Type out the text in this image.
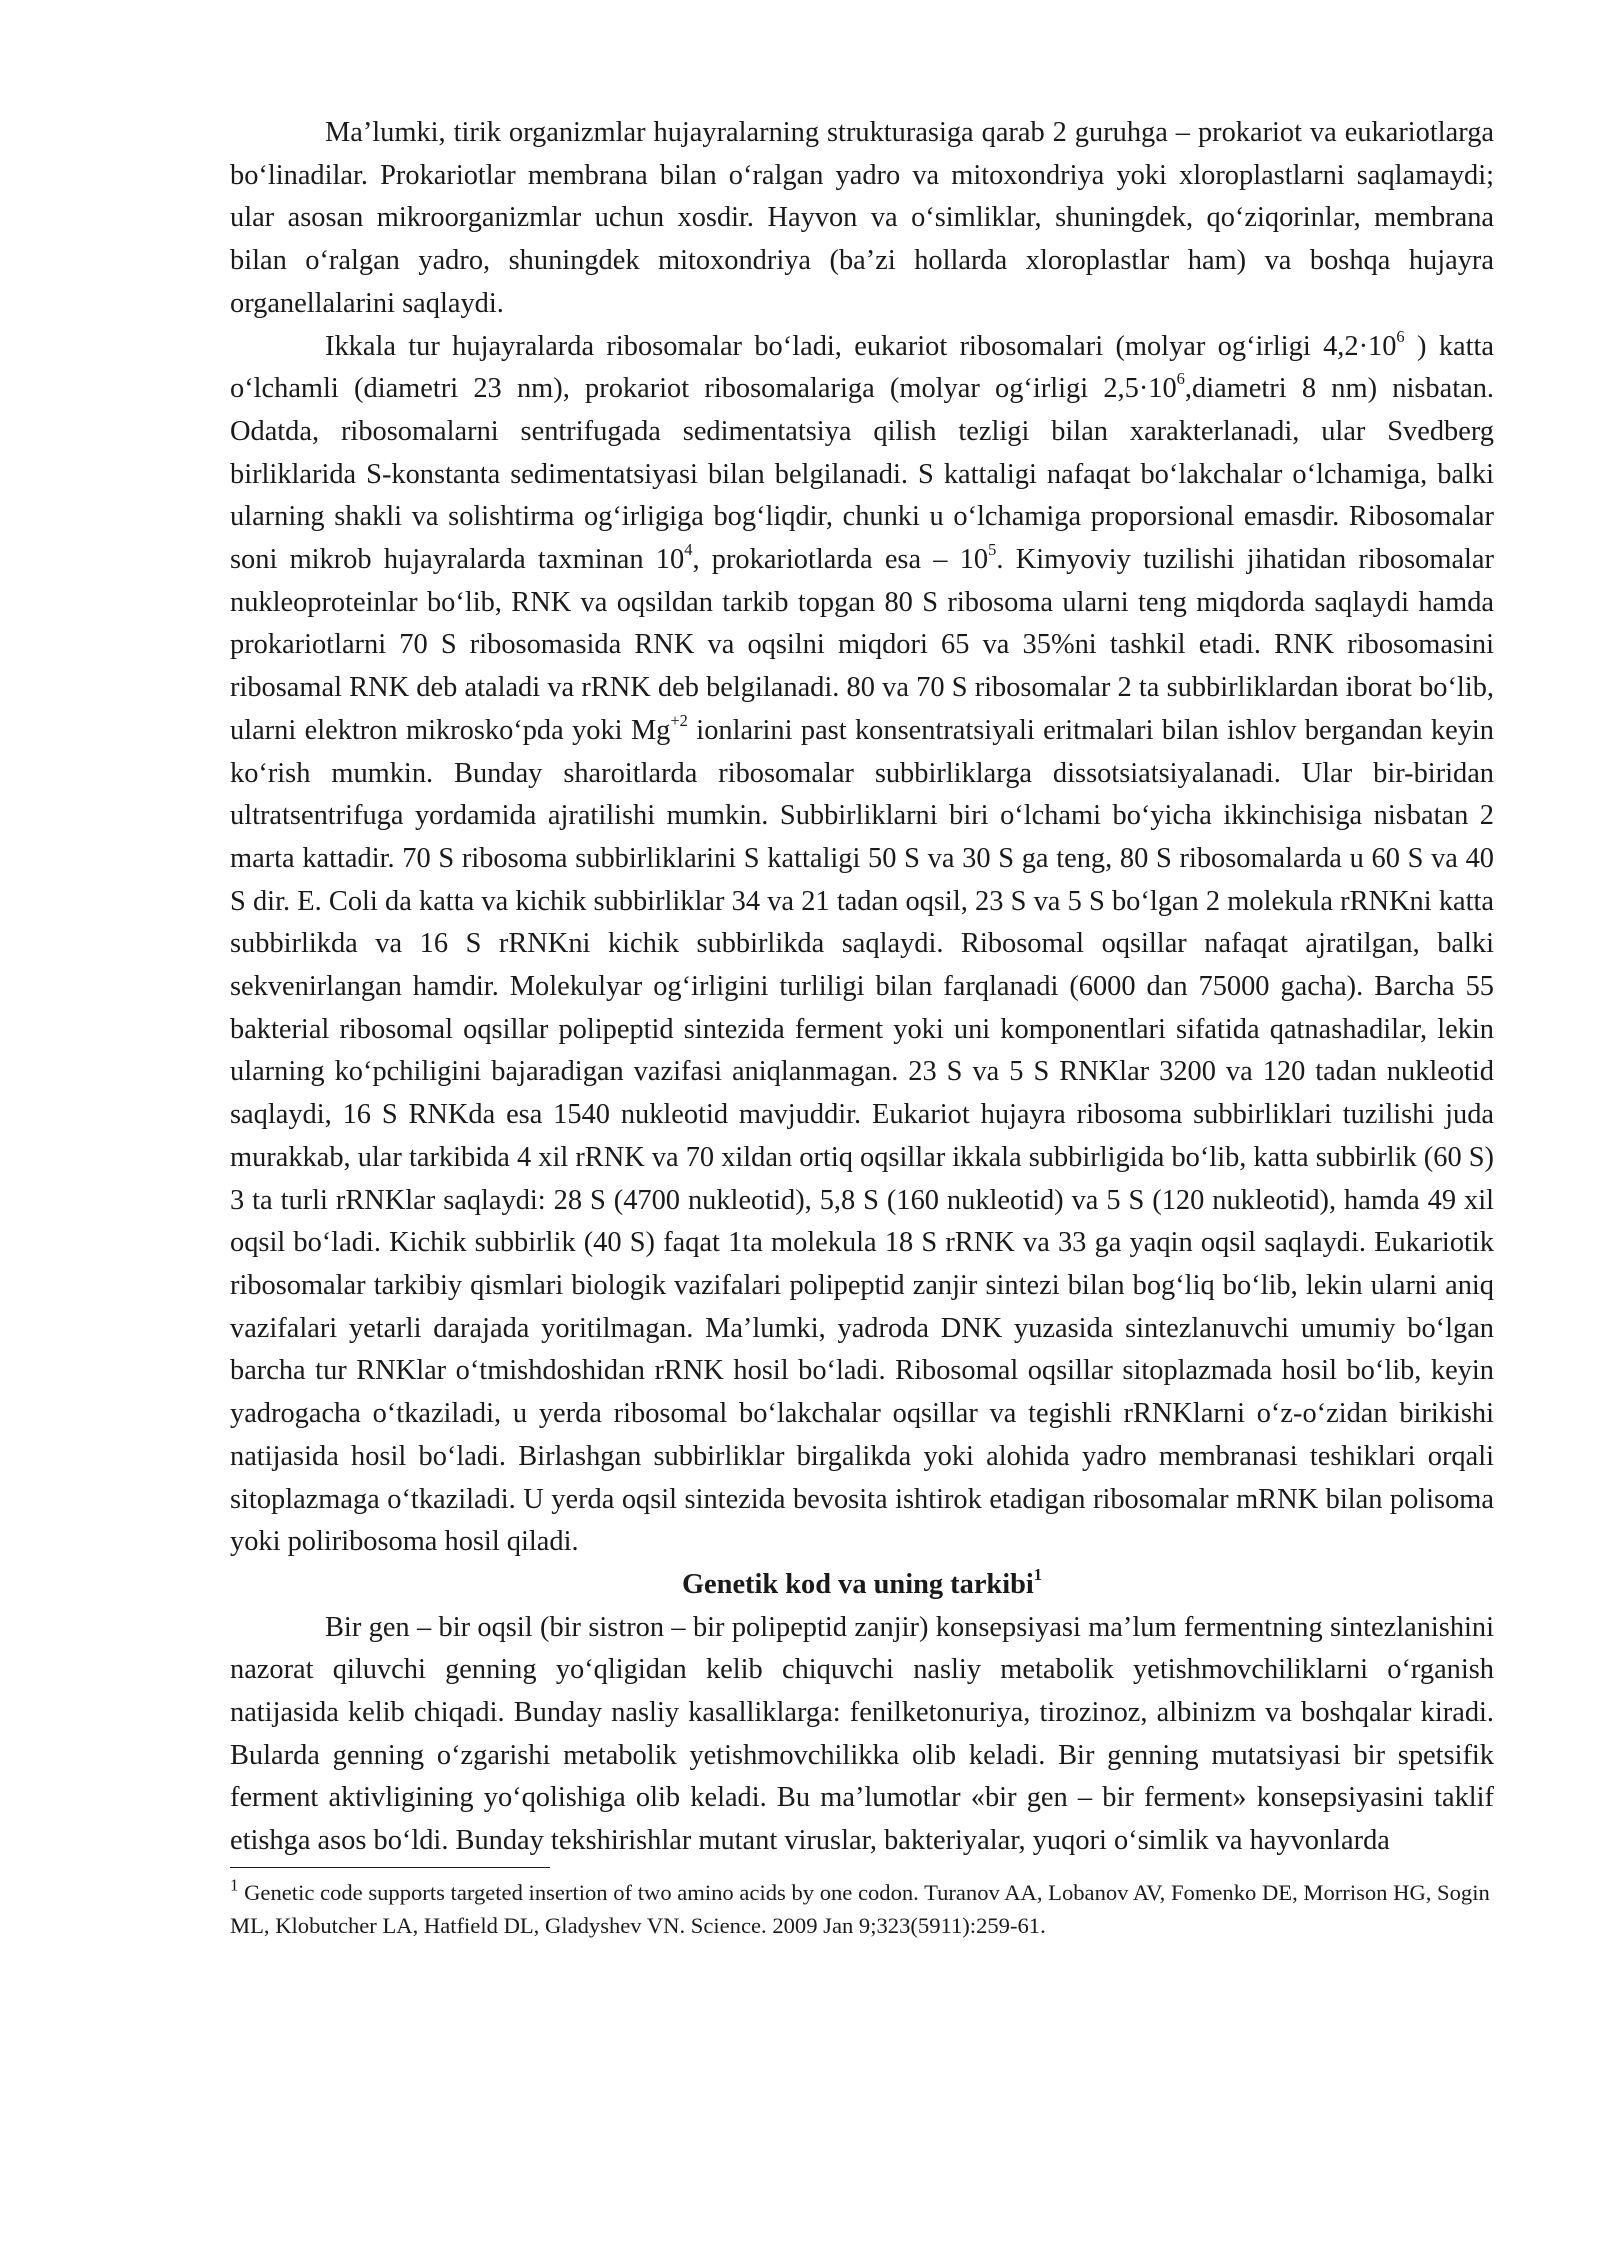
Ma’lumki, tirik organizmlar hujayralarning strukturasiga qarab 2 guruhga – prokariot va eukariotlarga bo‘linadilar. Prokariotlar membrana bilan o‘ralgan yadro va mitoxondriya yoki xloroplastlarni saqlamaydi; ular asosan mikroorganizmlar uchun xosdir. Hayvon va o‘simliklar, shuningdek, qo‘ziqorinlar, membrana bilan o‘ralgan yadro, shuningdek mitoxondriya (ba’zi hollarda xloroplastlar ham) va boshqa hujayra organellalarini saqlaydi.

Ikkala tur hujayralarda ribosomalar bo‘ladi, eukariot ribosomalari (molyar og‘irligi $4,2\cdot 10^6$ ) katta o‘lchamli (diametri 23 nm), prokariot ribosomalariga (molyar og‘irligi $2,5\cdot 10^6,diametri$ 8 nm) nisbatan. Odatda, ribosomalarni sentrifugada sedimentatsiya qilish tezligi bilan xarakterlanadi, ular Svedberg birliklarida S-konstanta sedimentatsiyasi bilan belgilanadi. S kattaligi nafaqat bo‘lakchalar o‘lchamiga, balki ularning shakli va solishtirma og‘irligiga bog‘liqdir, chunki u o‘lchamiga proporsional emasdir. Ribosomalar soni mikrob hujayralarda taxminan $10^4$, prokariotlarda esa – $10^5$. Kimyoviy tuzilishi jihatidan ribosomalar nukleoproteinlar bo‘lib, RNK va oqsildan tarkib topgan 80 S ribosoma ularni teng miqdorda saqlaydi hamda prokariotlarni 70 S ribosomasida RNK va oqsilni miqdori 65 va 35%ni tashkil etadi. RNK ribosomasini ribosamal RNK deb ataladi va rRNK deb belgilanadi. 80 va 70 S ribosomalar 2 ta subbirliklardan iborat bo‘lib, ularni elektron mikrosko‘pda yoki $Mg^{+2}$ ionlarini past konsentratsiyali eritmalari bilan ishlov bergandan keyin ko‘rish mumkin. Bunday sharoitlarda ribosomalar subbirliklarga dissotsiatsiyalanadi. Ular bir-biridan ultratsentrifuga yordamida ajratilishi mumkin. Subbirliklarni biri o‘lchami bo‘yicha ikkinchisiga nisbatan 2 marta kattadir. 70 S ribosoma subbirliklarini S kattaligi 50 S va 30 S ga teng, 80 S ribosomalarda u 60 S va 40 S dir. E. Coli da katta va kichik subbirliklar 34 va 21 tadan oqsil, 23 S va 5 S bo‘lgan 2 molekula rRNKni katta subbirlikda va 16 S rRNKni kichik subbirlikda saqlaydi. Ribosomal oqsillar nafaqat ajratilgan, balki sekvenirlangan hamdir. Molekulyar og‘irligini turliligi bilan farqlanadi (6000 dan 75000 gacha). Barcha 55 bakterial ribosomal oqsillar polipeptid sintezida ferment yoki uni komponentlari sifatida qatnashadilar, lekin ularning ko‘pchiligini bajaradigan vazifasi aniqlanmagan. 23 S va 5 S RNKlar 3200 va 120 tadan nukleotid saqlaydi, 16 S RNKda esa 1540 nukleotid mavjuddir. Eukariot hujayra ribosoma subbirliklari tuzilishi juda murakkab, ular tarkibida 4 xil rRNK va 70 xildan ortiq oqsillar ikkala subbirligida bo‘lib, katta subbirlik (60 S) 3 ta turli rRNKlar saqlaydi: 28 S (4700 nukleotid), 5,8 S (160 nukleotid) va 5 S (120 nukleotid), hamda 49 xil oqsil bo‘ladi. Kichik subbirlik (40 S) faqat 1ta molekula 18 S rRNK va 33 ga yaqin oqsil saqlaydi. Eukariotik ribosomalar tarkibiy qismlari biologik vazifalari polipeptid zanjir sintezi bilan bog‘liq bo‘lib, lekin ularni aniq vazifalari yetarli darajada yoritilmagan. Ma’lumki, yadroda DNK yuzasida sintezlanuvchi umumiy bo‘lgan barcha tur RNKlar o‘tmishdoshidan rRNK hosil bo‘ladi. Ribosomal oqsillar sitoplazmada hosil bo‘lib, keyin yadrogacha o‘tkaziladi, u yerda ribosomal bo‘lakchalar oqsillar va tegishli rRNKlarni o‘z-o‘zidan birikishi natijasida hosil bo‘ladi. Birlashgan subbirliklar birgalikda yoki alohida yadro membranasi teshiklari orqali sitoplazmaga o‘tkaziladi. U yerda oqsil sintezida bevosita ishtirok etadigan ribosomalar mRNK bilan polisoma yoki poliribosoma hosil qiladi.

Genetik kod va uning tarkibi$^1$

Bir gen – bir oqsil (bir sistron – bir polipeptid zanjir) konsepsiyasi ma’lum fermentning sintezlanishini nazorat qiluvchi genning yo‘qligidan kelib chiquvchi nasliy metabolik yetishmovchiliklarni o‘rganish natijasida kelib chiqadi. Bunday nasliy kasalliklarga: fenilketonuriya, tirozinoz, albinizm va boshqalar kiradi. Bularda genning o‘zgarishi metabolik yetishmovchilikka olib keladi. Bir genning mutatsiyasi bir spetsifik ferment aktivligining yo‘qolishiga olib keladi. Bu ma’lumotlar «bir gen – bir ferment» konsepsiyasini taklif etishga asos bo‘ldi. Bunday tekshirishlar mutant viruslar, bakteriyalar, yuqori o‘simlik va hayvonlarda

$^1$ Genetic code supports targeted insertion of two amino acids by one codon. Turanov AA, Lobanov AV, Fomenko DE, Morrison HG, Sogin ML, Klobutcher LA, Hatfield DL, Gladyshev VN. Science. 2009 Jan 9;323(5911):259-61.
